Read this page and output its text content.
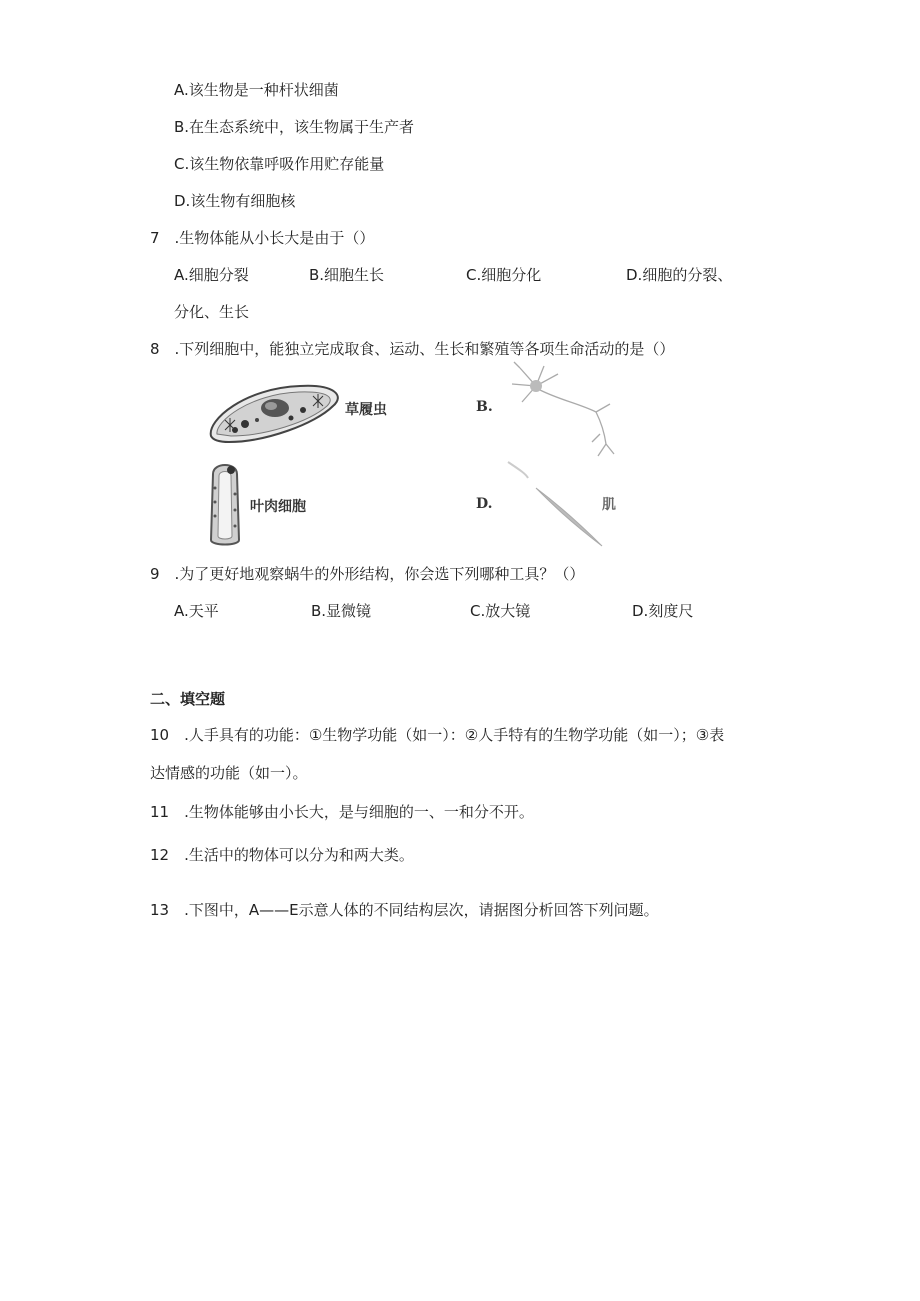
A.该生物是一种杆状细菌
B.在生态系统中，该生物属于生产者
C.该生物依靠呼吸作用贮存能量
D.该生物有细胞核
7　.生物体能从小长大是由于（）
A.细胞分裂	B.细胞生长	C.细胞分化	D.细胞的分裂、
分化、生长
8　.下列细胞中，能独立完成取食、运动、生长和繁殖等各项生命活动的是（）
草履虫	B.
叶肉细胞	D.	肌
9　.为了更好地观察蜗牛的外形结构，你会选下列哪种工具？（）
A.天平	B.显微镜	C.放大镜	D.刻度尺
二、填空题
10　.人手具有的功能：①生物学功能（如一）：②人手特有的生物学功能（如一）；③表
达情感的功能（如一）。
11　.生物体能够由小长大，是与细胞的一、一和分不开。
12　.生活中的物体可以分为和两大类。
13　.下图中，A——E示意人体的不同结构层次，请据图分析回答下列问题。
